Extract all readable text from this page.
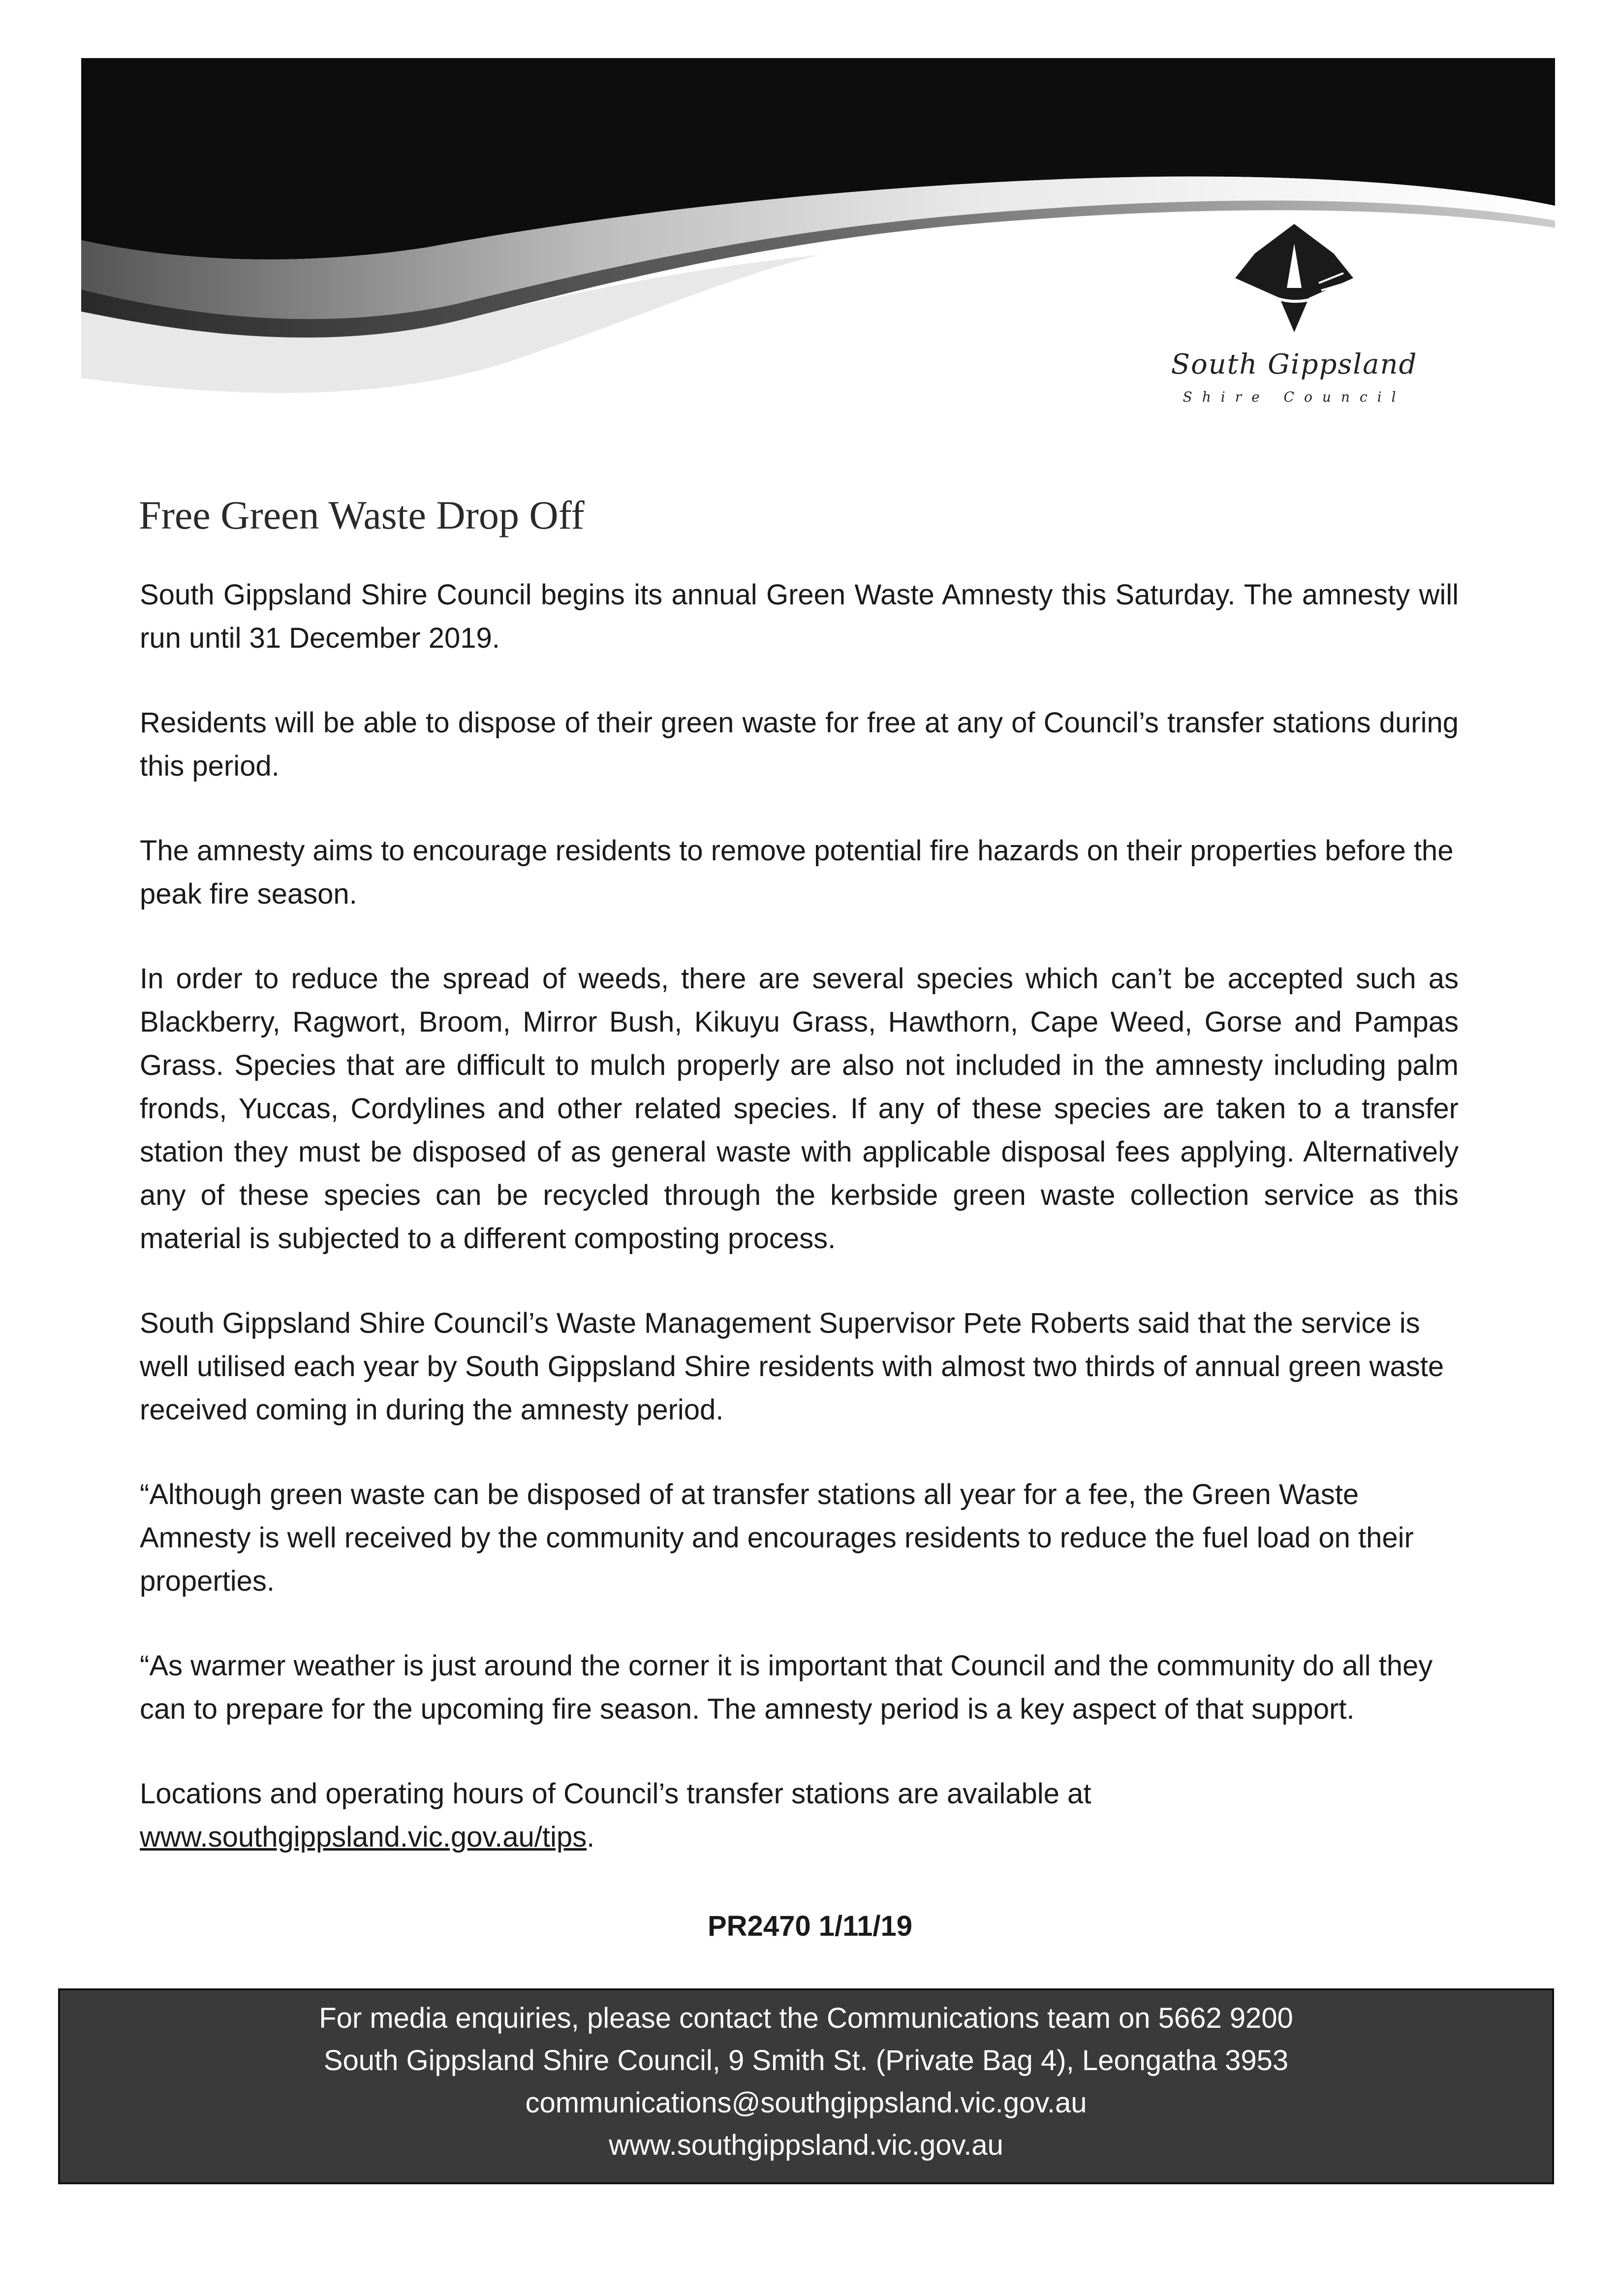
South Gippsland
Shire Council
Free Green Waste Drop Off

South Gippsland Shire Council begins its annual Green Waste Amnesty this Saturday. The amnesty will run until 31 December 2019.

Residents will be able to dispose of their green waste for free at any of Council’s transfer stations during this period.

The amnesty aims to encourage residents to remove potential fire hazards on their properties before the peak fire season.

In order to reduce the spread of weeds, there are several species which can’t be accepted such as Blackberry, Ragwort, Broom, Mirror Bush, Kikuyu Grass, Hawthorn, Cape Weed, Gorse and Pampas Grass. Species that are difficult to mulch properly are also not included in the amnesty including palm fronds, Yuccas, Cordylines and other related species. If any of these species are taken to a transfer station they must be disposed of as general waste with applicable disposal fees applying. Alternatively any of these species can be recycled through the kerbside green waste collection service as this material is subjected to a different composting process.

South Gippsland Shire Council’s Waste Management Supervisor Pete Roberts said that the service is well utilised each year by South Gippsland Shire residents with almost two thirds of annual green waste received coming in during the amnesty period.

“Although green waste can be disposed of at transfer stations all year for a fee, the Green Waste Amnesty is well received by the community and encourages residents to reduce the fuel load on their properties.

“As warmer weather is just around the corner it is important that Council and the community do all they can to prepare for the upcoming fire season. The amnesty period is a key aspect of that support.

Locations and operating hours of Council’s transfer stations are available at
www.southgippsland.vic.gov.au/tips.

PR2470 1/11/19

For media enquiries, please contact the Communications team on 5662 9200

South Gippsland Shire Council, 9 Smith St. (Private Bag 4), Leongatha 3953

communications@southgippsland.vic.gov.au

www.southgippsland.vic.gov.au
